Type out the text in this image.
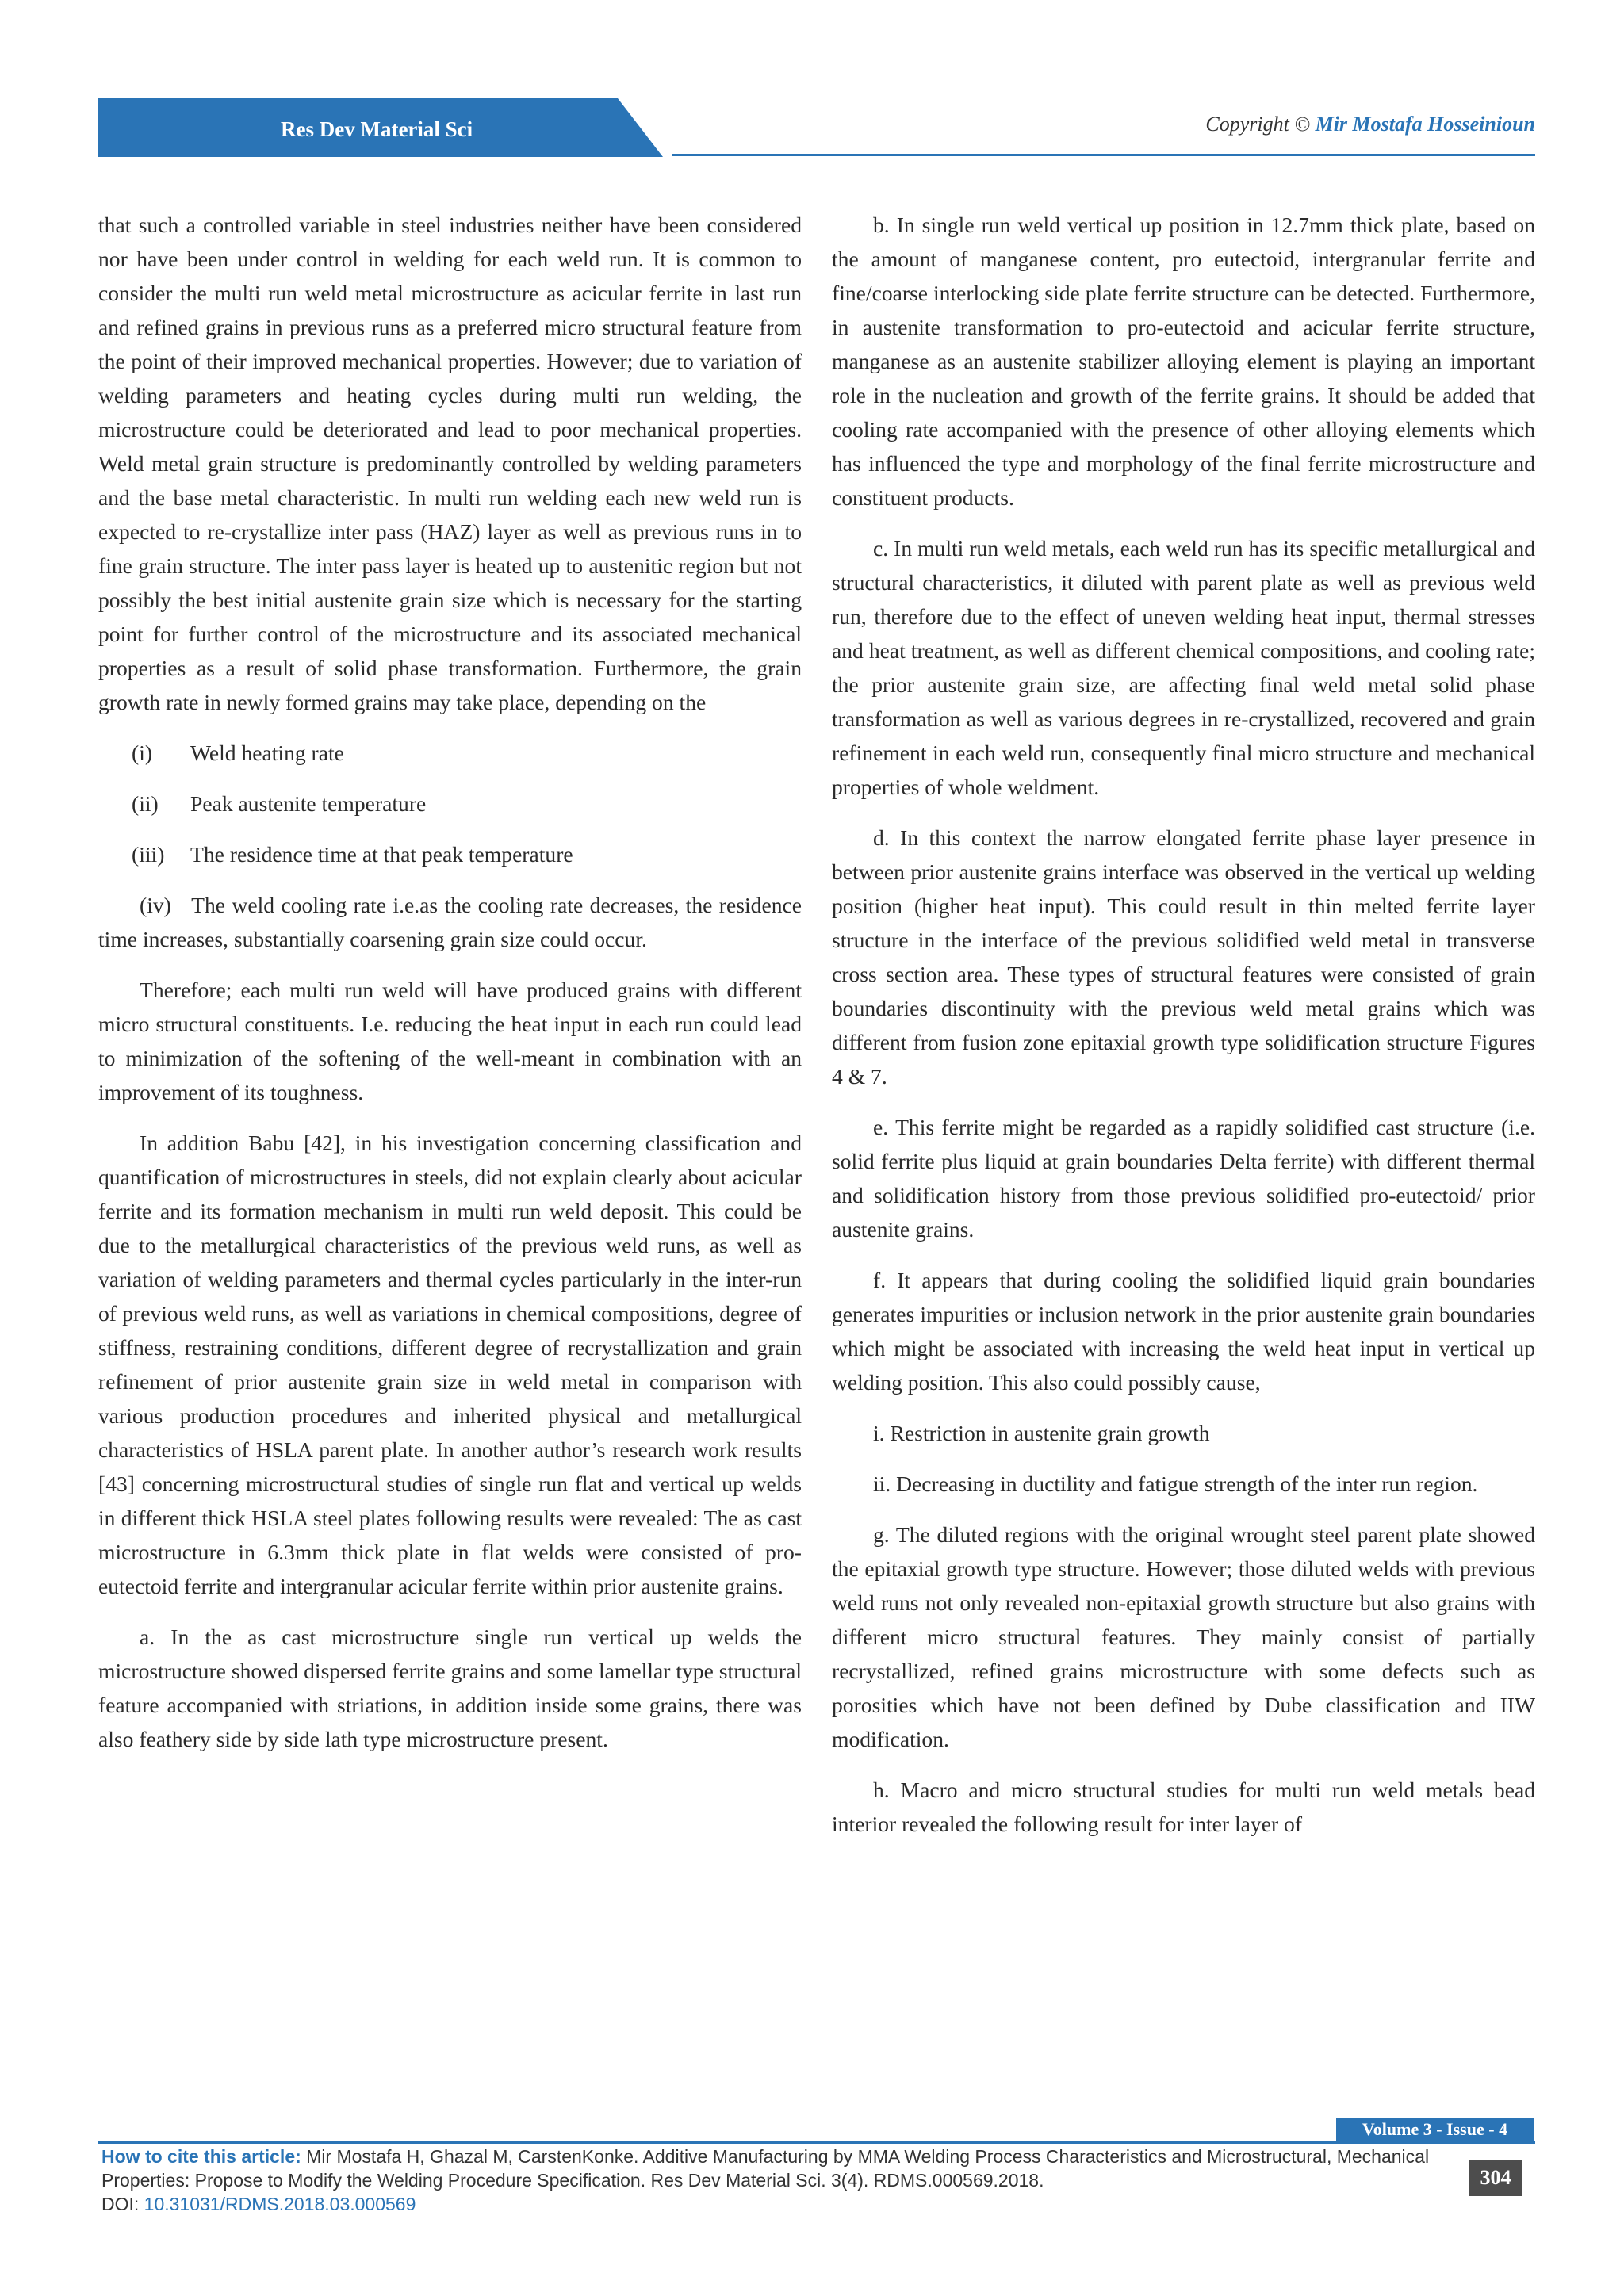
Res Dev Material Sci	Copyright © Mir Mostafa Hosseinioun

that such a controlled variable in steel industries neither have been considered nor have been under control in welding for each weld run. It is common to consider the multi run weld metal microstructure as acicular ferrite in last run and refined grains in previous runs as a preferred micro structural feature from the point of their improved mechanical properties. However; due to variation of welding parameters and heating cycles during multi run welding, the microstructure could be deteriorated and lead to poor mechanical properties. Weld metal grain structure is predominantly controlled by welding parameters and the base metal characteristic. In multi run welding each new weld run is expected to re-crystallize inter pass (HAZ) layer as well as previous runs in to fine grain structure. The inter pass layer is heated up to austenitic region but not possibly the best initial austenite grain size which is necessary for the starting point for further control of the microstructure and its associated mechanical properties as a result of solid phase transformation. Furthermore, the grain growth rate in newly formed grains may take place, depending on the

(i) Weld heating rate
(ii) Peak austenite temperature
(iii) The residence time at that peak temperature

(iv) The weld cooling rate i.e.as the cooling rate decreases, the residence time increases, substantially coarsening grain size could occur.

Therefore; each multi run weld will have produced grains with different micro structural constituents. I.e. reducing the heat input in each run could lead to minimization of the softening of the well-meant in combination with an improvement of its toughness.

In addition Babu [42], in his investigation concerning classification and quantification of microstructures in steels, did not explain clearly about acicular ferrite and its formation mechanism in multi run weld deposit. This could be due to the metallurgical characteristics of the previous weld runs, as well as variation of welding parameters and thermal cycles particularly in the inter-run of previous weld runs, as well as variations in chemical compositions, degree of stiffness, restraining conditions, different degree of recrystallization and grain refinement of prior austenite grain size in weld metal in comparison with various production procedures and inherited physical and metallurgical characteristics of HSLA parent plate. In another author’s research work results [43] concerning microstructural studies of single run flat and vertical up welds in different thick HSLA steel plates following results were revealed: The as cast microstructure in 6.3mm thick plate in flat welds were consisted of pro-eutectoid ferrite and intergranular acicular ferrite within prior austenite grains.

a. In the as cast microstructure single run vertical up welds the microstructure showed dispersed ferrite grains and some lamellar type structural feature accompanied with striations, in addition inside some grains, there was also feathery side by side lath type microstructure present.

b. In single run weld vertical up position in 12.7mm thick plate, based on the amount of manganese content, pro eutectoid, intergranular ferrite and fine/coarse interlocking side plate ferrite structure can be detected. Furthermore, in austenite transformation to pro-eutectoid and acicular ferrite structure, manganese as an austenite stabilizer alloying element is playing an important role in the nucleation and growth of the ferrite grains. It should be added that cooling rate accompanied with the presence of other alloying elements which has influenced the type and morphology of the final ferrite microstructure and constituent products.

c. In multi run weld metals, each weld run has its specific metallurgical and structural characteristics, it diluted with parent plate as well as previous weld run, therefore due to the effect of uneven welding heat input, thermal stresses and heat treatment, as well as different chemical compositions, and cooling rate; the prior austenite grain size, are affecting final weld metal solid phase transformation as well as various degrees in re-crystallized, recovered and grain refinement in each weld run, consequently final micro structure and mechanical properties of whole weldment.

d. In this context the narrow elongated ferrite phase layer presence in between prior austenite grains interface was observed in the vertical up welding position (higher heat input). This could result in thin melted ferrite layer structure in the interface of the previous solidified weld metal in transverse cross section area. These types of structural features were consisted of grain boundaries discontinuity with the previous weld metal grains which was different from fusion zone epitaxial growth type solidification structure Figures 4 & 7.

e. This ferrite might be regarded as a rapidly solidified cast structure (i.e. solid ferrite plus liquid at grain boundaries Delta ferrite) with different thermal and solidification history from those previous solidified pro-eutectoid/ prior austenite grains.

f. It appears that during cooling the solidified liquid grain boundaries generates impurities or inclusion network in the prior austenite grain boundaries which might be associated with increasing the weld heat input in vertical up welding position. This also could possibly cause,

i. Restriction in austenite grain growth

ii. Decreasing in ductility and fatigue strength of the inter run region.

g. The diluted regions with the original wrought steel parent plate showed the epitaxial growth type structure. However; those diluted welds with previous weld runs not only revealed non-epitaxial growth structure but also grains with different micro structural features. They mainly consist of partially recrystallized, refined grains microstructure with some defects such as porosities which have not been defined by Dube classification and IIW modification.

h. Macro and micro structural studies for multi run weld metals bead interior revealed the following result for inter layer of

Volume 3 - Issue - 4
How to cite this article: Mir Mostafa H, Ghazal M, CarstenKonke. Additive Manufacturing by MMA Welding Process Characteristics and Microstructural, Mechanical Properties: Propose to Modify the Welding Procedure Specification. Res Dev Material Sci. 3(4). RDMS.000569.2018.
DOI: 10.31031/RDMS.2018.03.000569
304
